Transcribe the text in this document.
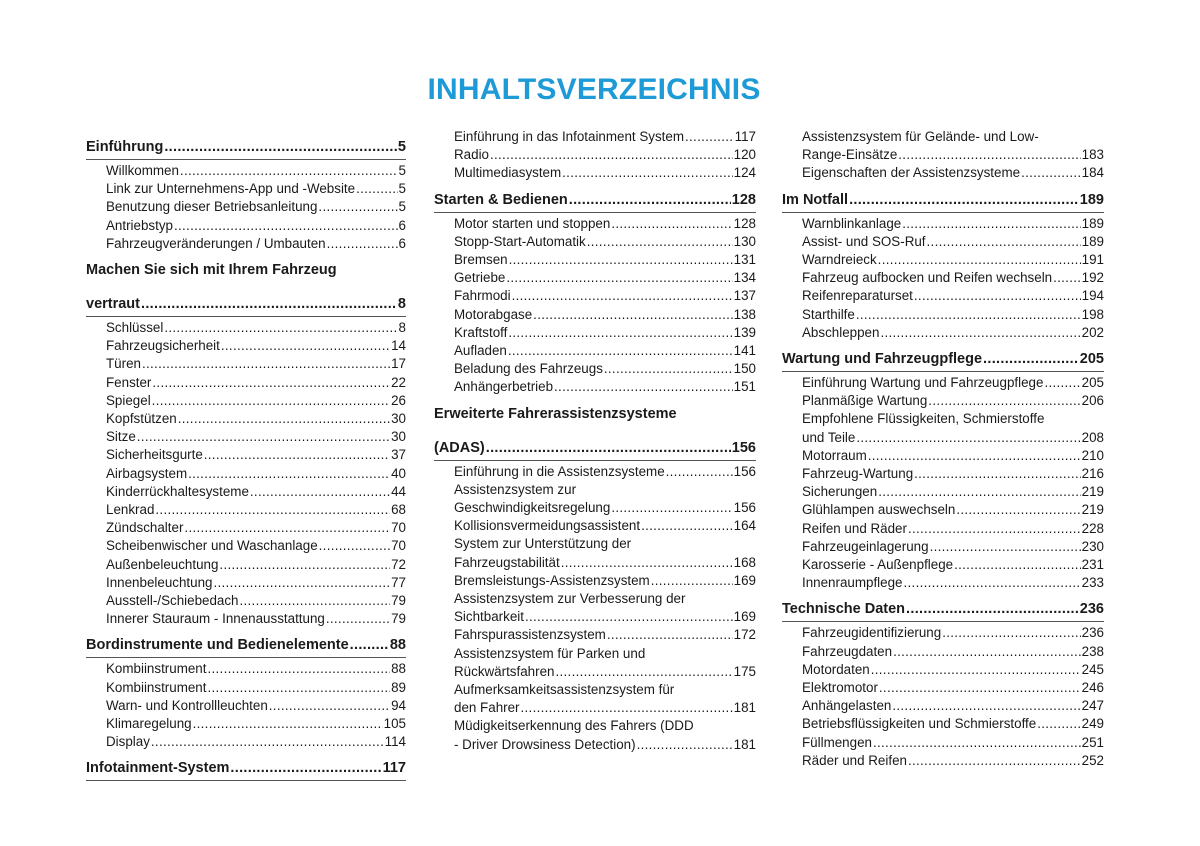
INHALTSVERZEICHNIS
Einführung .....	5
Willkommen .....	5
Link zur Unternehmens-App und -Website .....	5
Benutzung dieser Betriebsanleitung .....	5
Antriebstyp .....	6
Fahrzeugveränderungen / Umbauten .....	6
Machen Sie sich mit Ihrem Fahrzeug
vertraut .....	8
Schlüssel .....	8
Fahrzeugsicherheit .....	14
Türen .....	17
Fenster .....	22
Spiegel .....	26
Kopfstützen .....	30
Sitze .....	30
Sicherheitsgurte .....	37
Airbagsystem .....	40
Kinderrückhaltesysteme .....	44
Lenkrad .....	68
Zündschalter .....	70
Scheibenwischer und Waschanlage .....	70
Außenbeleuchtung .....	72
Innenbeleuchtung .....	77
Ausstell-/Schiebedach .....	79
Innerer Stauraum - Innenausstattung .....	79
Bordinstrumente und Bedienelemente .....	88
Kombiinstrument .....	88
Kombiinstrument .....	89
Warn- und Kontrollleuchten .....	94
Klimaregelung .....	105
Display .....	114
Infotainment-System .....	117
Einführung in das Infotainment System .....	117
Radio .....	120
Multimediasystem .....	124
Starten & Bedienen .....	128
Motor starten und stoppen .....	128
Stopp-Start-Automatik .....	130
Bremsen .....	131
Getriebe .....	134
Fahrmodi .....	137
Motorabgase .....	138
Kraftstoff .....	139
Aufladen .....	141
Beladung des Fahrzeugs .....	150
Anhängerbetrieb .....	151
Erweiterte Fahrerassistenzsysteme
(ADAS) .....	156
Einführung in die Assistenzsysteme .....	156
Assistenzsystem zur
Geschwindigkeitsregelung .....	156
Kollisionsvermeidungsassistent .....	164
System zur Unterstützung der
Fahrzeugstabilität .....	168
Bremsleistungs-Assistenzsystem .....	169
Assistenzsystem zur Verbesserung der
Sichtbarkeit .....	169
Fahrspurassistenzsystem .....	172
Assistenzsystem für Parken und
Rückwärtsfahren .....	175
Aufmerksamkeitsassistenzsystem für
den Fahrer .....	181
Müdigkeitserkennung des Fahrers (DDD
- Driver Drowsiness Detection) .....	181
Assistenzsystem für Gelände- und Low-
Range-Einsätze .....	183
Eigenschaften der Assistenzsysteme .....	184
Im Notfall .....	189
Warnblinkanlage .....	189
Assist- und SOS-Ruf .....	189
Warndreieck .....	191
Fahrzeug aufbocken und Reifen wechseln ..... 192
Reifenreparaturset .....	194
Starthilfe .....	198
Abschleppen .....	202
Wartung und Fahrzeugpflege .....	205
Einführung Wartung und Fahrzeugpflege .....	205
Planmäßige Wartung .....	206
Empfohlene Flüssigkeiten, Schmierstoffe
und Teile .....	208
Motorraum .....	210
Fahrzeug-Wartung .....	216
Sicherungen .....	219
Glühlampen auswechseln .....	219
Reifen und Räder .....	228
Fahrzeugeinlagerung .....	230
Karosserie - Außenpflege .....	231
Innenraumpflege .....	233
Technische Daten .....	236
Fahrzeugidentifizierung .....	236
Fahrzeugdaten .....	238
Motordaten .....	245
Elektromotor .....	246
Anhängelasten .....	247
Betriebsflüssigkeiten und Schmierstoffe .....	249
Füllmengen .....	251
Räder und Reifen .....	252
